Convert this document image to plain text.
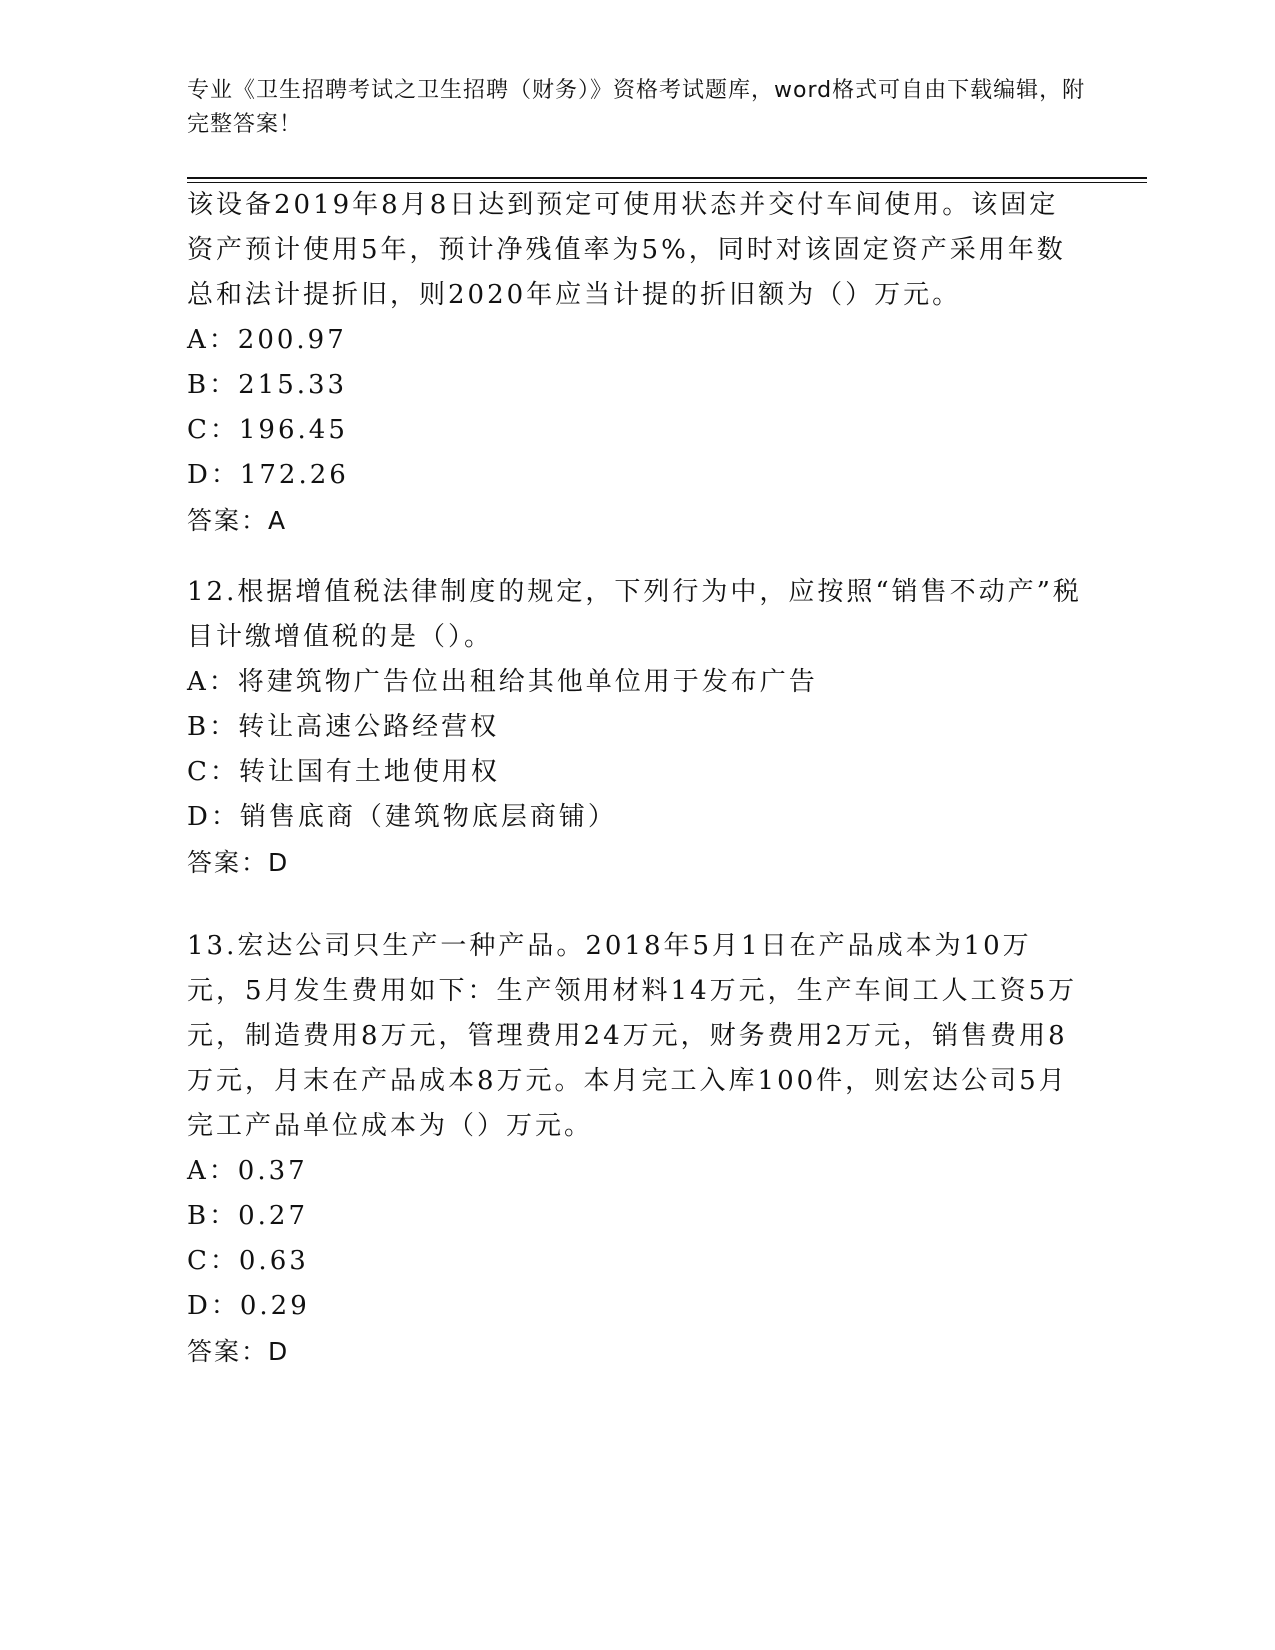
专业《卫生招聘考试之卫生招聘（财务）》资格考试题库，word格式可自由下载编辑，附完整答案！

该设备2019年8月8日达到预定可使用状态并交付车间使用。该固定资产预计使用5年，预计净残值率为5%，同时对该固定资产采用年数总和法计提折旧，则2020年应当计提的折旧额为（）万元。

A：200.97

B：215.33

C：196.45

D：172.26

答案：A

12.根据增值税法律制度的规定，下列行为中，应按照“销售不动产”税目计缴增值税的是（）。

A：将建筑物广告位出租给其他单位用于发布广告

B：转让高速公路经营权

C：转让国有土地使用权

D：销售底商（建筑物底层商铺）

答案：D

13.宏达公司只生产一种产品。2018年5月1日在产品成本为10万元，5月发生费用如下：生产领用材料14万元，生产车间工人工资5万元，制造费用8万元，管理费用24万元，财务费用2万元，销售费用8万元，月末在产品成本8万元。本月完工入库100件，则宏达公司5月完工产品单位成本为（）万元。

A：0.37

B：0.27

C：0.63

D：0.29

答案：D
